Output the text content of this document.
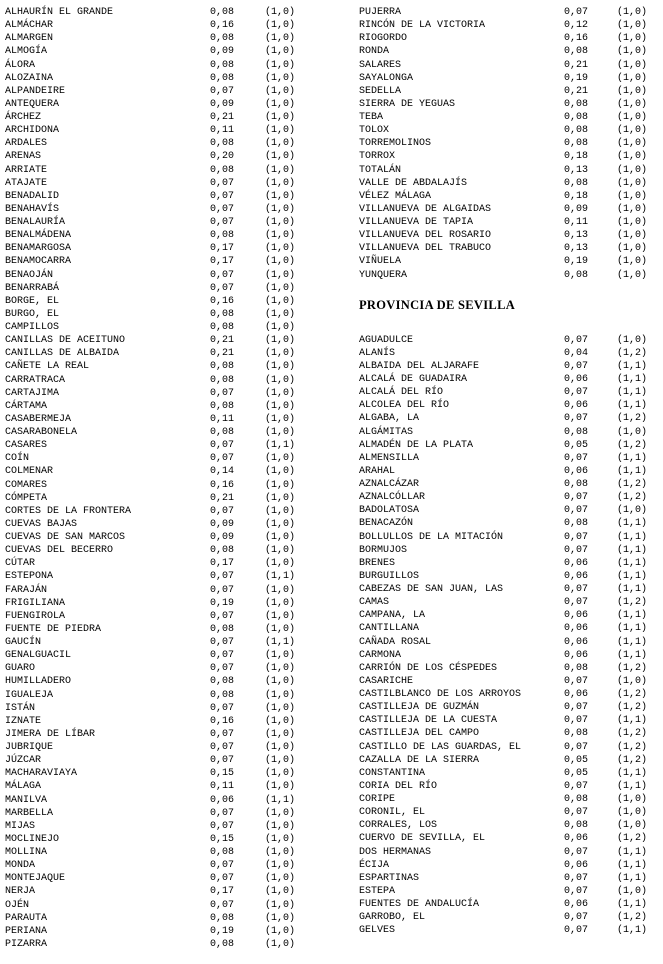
ALHAURÍN EL GRANDE	0,08	(1,0)
ALMÁCHAR	0,16	(1,0)
ALMARGEN	0,08	(1,0)
ALMOGÍA	0,09	(1,0)
ÁLORA	0,08	(1,0)
ALOZAINA	0,08	(1,0)
ALPANDEIRE	0,07	(1,0)
ANTEQUERA	0,09	(1,0)
ÁRCHEZ	0,21	(1,0)
ARCHIDONA	0,11	(1,0)
ARDALES	0,08	(1,0)
ARENAS	0,20	(1,0)
ARRIATE	0,08	(1,0)
ATAJATE	0,07	(1,0)
BENADALID	0,07	(1,0)
BENAHAVÍS	0,07	(1,0)
BENALAURÍA	0,07	(1,0)
BENALMÁDENA	0,08	(1,0)
BENAMARGOSA	0,17	(1,0)
BENAMOCARRA	0,17	(1,0)
BENAOJÁN	0,07	(1,0)
BENARRABÁ	0,07	(1,0)
BORGE, EL	0,16	(1,0)
BURGO, EL	0,08	(1,0)
CAMPILLOS	0,08	(1,0)
CANILLAS DE ACEITUNO	0,21	(1,0)
CANILLAS DE ALBAIDA	0,21	(1,0)
CAÑETE LA REAL	0,08	(1,0)
CARRATRACA	0,08	(1,0)
CARTAJIMA	0,07	(1,0)
CÁRTAMA	0,08	(1,0)
CASABERMEJA	0,11	(1,0)
CASARABONELA	0,08	(1,0)
CASARES	0,07	(1,1)
COÍN	0,07	(1,0)
COLMENAR	0,14	(1,0)
COMARES	0,16	(1,0)
CÓMPETA	0,21	(1,0)
CORTES DE LA FRONTERA	0,07	(1,0)
CUEVAS BAJAS	0,09	(1,0)
CUEVAS DE SAN MARCOS	0,09	(1,0)
CUEVAS DEL BECERRO	0,08	(1,0)
CÚTAR	0,17	(1,0)
ESTEPONA	0,07	(1,1)
FARAJÁN	0,07	(1,0)
FRIGILIANA	0,19	(1,0)
FUENGIROLA	0,07	(1,0)
FUENTE DE PIEDRA	0,08	(1,0)
GAUCÍN	0,07	(1,1)
GENALGUACIL	0,07	(1,0)
GUARO	0,07	(1,0)
HUMILLADERO	0,08	(1,0)
IGUALEJA	0,08	(1,0)
ISTÁN	0,07	(1,0)
IZNATE	0,16	(1,0)
JIMERA DE LÍBAR	0,07	(1,0)
JUBRIQUE	0,07	(1,0)
JÚZCAR	0,07	(1,0)
MACHARAVIAYA	0,15	(1,0)
MÁLAGA	0,11	(1,0)
MANILVA	0,06	(1,1)
MARBELLA	0,07	(1,0)
MIJAS	0,07	(1,0)
MOCLINEJO	0,15	(1,0)
MOLLINA	0,08	(1,0)
MONDA	0,07	(1,0)
MONTEJAQUE	0,07	(1,0)
NERJA	0,17	(1,0)
OJÉN	0,07	(1,0)
PARAUTA	0,08	(1,0)
PERIANA	0,19	(1,0)
PIZARRA	0,08	(1,0)
PUJERRA	0,07	(1,0)
RINCÓN DE LA VICTORIA	0,12	(1,0)
RIOGORDO	0,16	(1,0)
RONDA	0,08	(1,0)
SALARES	0,21	(1,0)
SAYALONGA	0,19	(1,0)
SEDELLA	0,21	(1,0)
SIERRA DE YEGUAS	0,08	(1,0)
TEBA	0,08	(1,0)
TOLOX	0,08	(1,0)
TORREMOLINOS	0,08	(1,0)
TORROX	0,18	(1,0)
TOTALÁN	0,13	(1,0)
VALLE DE ABDALAJÍS	0,08	(1,0)
VÉLEZ MÁLAGA	0,18	(1,0)
VILLANUEVA DE ALGAIDAS	0,09	(1,0)
VILLANUEVA DE TAPIA	0,11	(1,0)
VILLANUEVA DEL ROSARIO	0,13	(1,0)
VILLANUEVA DEL TRABUCO	0,13	(1,0)
VIÑUELA	0,19	(1,0)
YUNQUERA	0,08	(1,0)
PROVINCIA DE SEVILLA
AGUADULCE	0,07	(1,0)
ALANÍS	0,04	(1,2)
ALBAIDA DEL ALJARAFE	0,07	(1,1)
ALCALÁ DE GUADAIRA	0,06	(1,1)
ALCALÁ DEL RÍO	0,07	(1,1)
ALCOLEA DEL RÍO	0,06	(1,1)
ALGABA, LA	0,07	(1,2)
ALGÁMITAS	0,08	(1,0)
ALMADÉN DE LA PLATA	0,05	(1,2)
ALMENSILLA	0,07	(1,1)
ARAHAL	0,06	(1,1)
AZNALCÁZAR	0,08	(1,2)
AZNALCÓLLAR	0,07	(1,2)
BADOLATOSA	0,07	(1,0)
BENACAZÓN	0,08	(1,1)
BOLLULLOS DE LA MITACIÓN	0,07	(1,1)
BORMUJOS	0,07	(1,1)
BRENES	0,06	(1,1)
BURGUILLOS	0,06	(1,1)
CABEZAS DE SAN JUAN, LAS	0,07	(1,1)
CAMAS	0,07	(1,2)
CAMPANA, LA	0,06	(1,1)
CANTILLANA	0,06	(1,1)
CAÑADA ROSAL	0,06	(1,1)
CARMONA	0,06	(1,1)
CARRIÓN DE LOS CÉSPEDES	0,08	(1,2)
CASARICHE	0,07	(1,0)
CASTILBLANCO DE LOS ARROYOS	0,06	(1,2)
CASTILLEJA DE GUZMÁN	0,07	(1,2)
CASTILLEJA DE LA CUESTA	0,07	(1,1)
CASTILLEJA DEL CAMPO	0,08	(1,2)
CASTILLO DE LAS GUARDAS, EL	0,07	(1,2)
CAZALLA DE LA SIERRA	0,05	(1,2)
CONSTANTINA	0,05	(1,1)
CORIA DEL RÍO	0,07	(1,1)
CORIPE	0,08	(1,0)
CORONIL, EL	0,07	(1,0)
CORRALES, LOS	0,08	(1,0)
CUERVO DE SEVILLA, EL	0,06	(1,2)
DOS HERMANAS	0,07	(1,1)
ÉCIJA	0,06	(1,1)
ESPARTINAS	0,07	(1,1)
ESTEPA	0,07	(1,0)
FUENTES DE ANDALUCÍA	0,06	(1,1)
GARROBO, EL	0,07	(1,2)
GELVES	0,07	(1,1)
